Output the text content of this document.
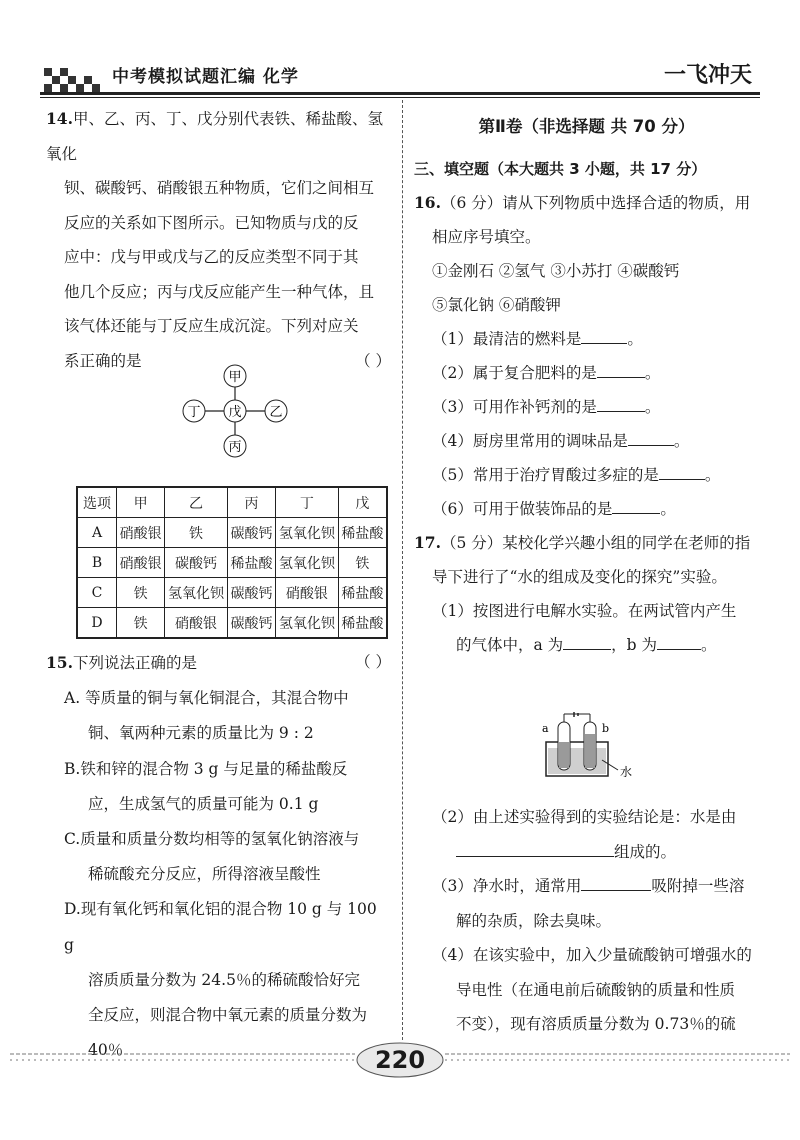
中考模拟试题汇编 化学	一飞冲天

14.甲、乙、丙、丁、戊分别代表铁、稀盐酸、氢氧化

钡、碳酸钙、硝酸银五种物质，它们之间相互

反应的关系如下图所示。已知物质与戊的反

应中：戊与甲或戊与乙的反应类型不同于其

他几个反应；丙与戊反应能产生一种气体，且

该气体还能与丁反应生成沉淀。下列对应关

系正确的是	（ ）

甲
戊
丁	乙
丙
选项	甲	乙	丙	丁	戊
A	硝酸银	铁	碳酸钙	氢氧化钡	稀盐酸
B	硝酸银	碳酸钙	稀盐酸	氢氧化钡	铁
C	铁	氢氧化钡	碳酸钙	硝酸银	稀盐酸
D	铁	硝酸银	碳酸钙	氢氧化钡	稀盐酸

15.下列说法正确的是	（ ）

A. 等质量的铜与氧化铜混合，其混合物中

铜、氧两种元素的质量比为 9 : 2

B.铁和锌的混合物 3 g 与足量的稀盐酸反

应，生成氢气的质量可能为 0.1 g

C.质量和质量分数均相等的氢氧化钠溶液与

稀硫酸充分反应，所得溶液呈酸性

D.现有氧化钙和氧化铝的混合物 10 g 与 100 g

溶质质量分数为 24.5％的稀硫酸恰好完

全反应，则混合物中氧元素的质量分数为

40％

第Ⅱ卷（非选择题 共 70 分）

三、填空题（本大题共 3 小题，共 17 分）

16.（6 分）请从下列物质中选择合适的物质，用

相应序号填空。

①金刚石 ②氢气 ③小苏打 ④碳酸钙

⑤氯化钠 ⑥硝酸钾

（1）最清洁的燃料是	。

（2）属于复合肥料的是	。

（3）可用作补钙剂的是	。

（4）厨房里常用的调味品是	。

（5）常用于治疗胃酸过多症的是	。

（6）可用于做装饰品的是	。

17.（5 分）某校化学兴趣小组的同学在老师的指

导下进行了“水的组成及变化的探究”实验。

（1）按图进行电解水实验。在两试管内产生

的气体中，a 为	，b 为	。

a	b
水

（2）由上述实验得到的实验结论是：水是由

组成的。

（3）净水时，通常用	吸附掉一些溶

解的杂质，除去臭味。

（4）在该实验中，加入少量硫酸钠可增强水的

导电性（在通电前后硫酸钠的质量和性质

不变），现有溶质质量分数为 0.73％的硫

220
